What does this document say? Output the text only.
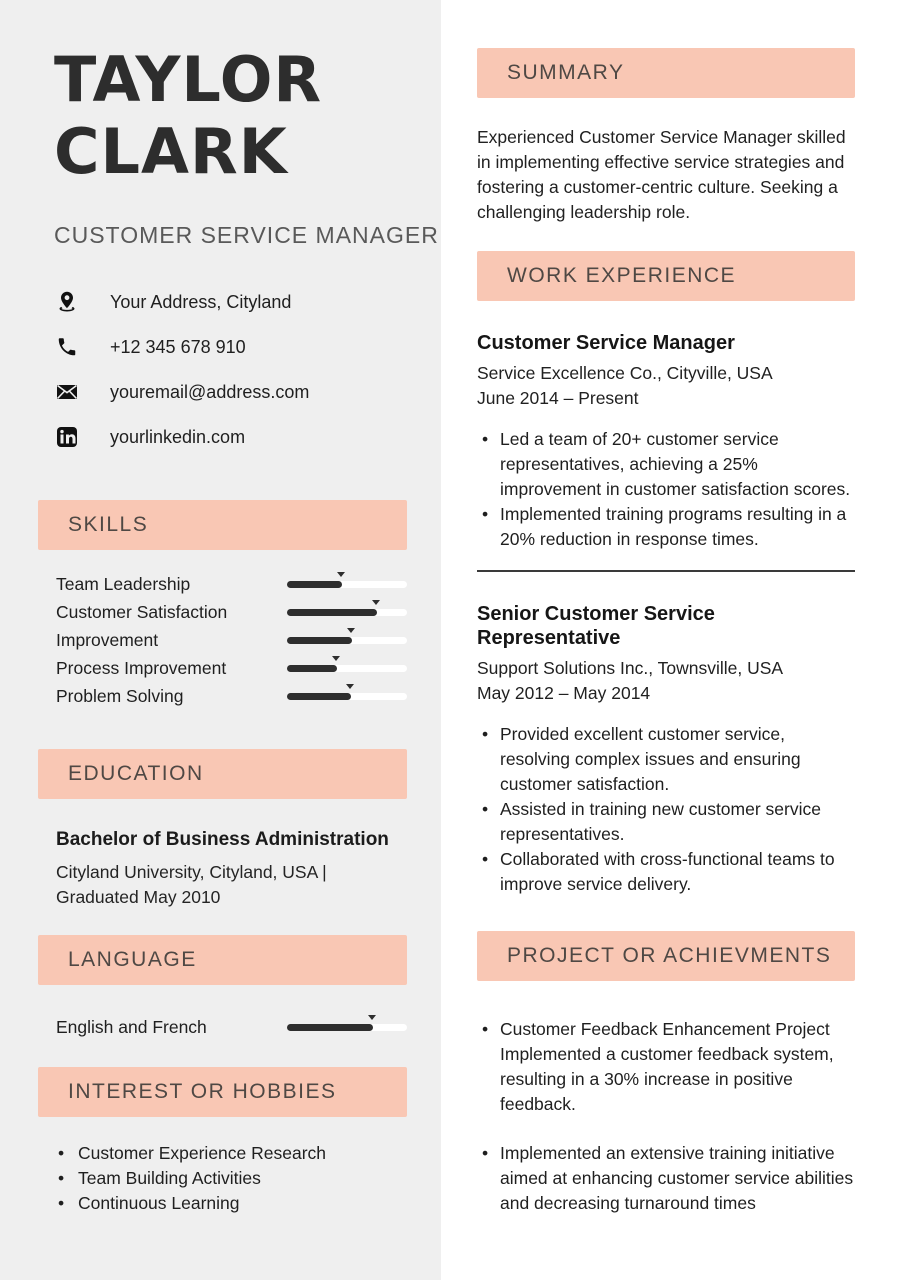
TAYLOR
CLARK
CUSTOMER SERVICE MANAGER
Your Address, Cityland
+12 345 678 910
youremail@address.com
yourlinkedin.com
SKILLS
Team Leadership
Customer Satisfaction
Improvement
Process Improvement
Problem Solving
EDUCATION
Bachelor of Business Administration
Cityland University, Cityland, USA | Graduated May 2010
LANGUAGE
English and French
INTEREST OR HOBBIES
• Customer Experience Research
• Team Building Activities
• Continuous Learning
SUMMARY

Experienced Customer Service Manager skilled in implementing effective service strategies and fostering a customer-centric culture. Seeking a challenging leadership role.

WORK EXPERIENCE
Customer Service Manager
Service Excellence Co., Cityville, USA
June 2014 – Present
• Led a team of 20+ customer service representatives, achieving a 25% improvement in customer satisfaction scores.
• Implemented training programs resulting in a 20% reduction in response times.
Senior Customer Service Representative
Support Solutions Inc., Townsville, USA
May 2012 – May 2014
• Provided excellent customer service, resolving complex issues and ensuring customer satisfaction.
• Assisted in training new customer service representatives.
• Collaborated with cross-functional teams to improve service delivery.
PROJECT OR ACHIEVMENTS
• Customer Feedback Enhancement Project Implemented a customer feedback system, resulting in a 30% increase in positive feedback.
• Implemented an extensive training initiative aimed at enhancing customer service abilities and decreasing turnaround times
